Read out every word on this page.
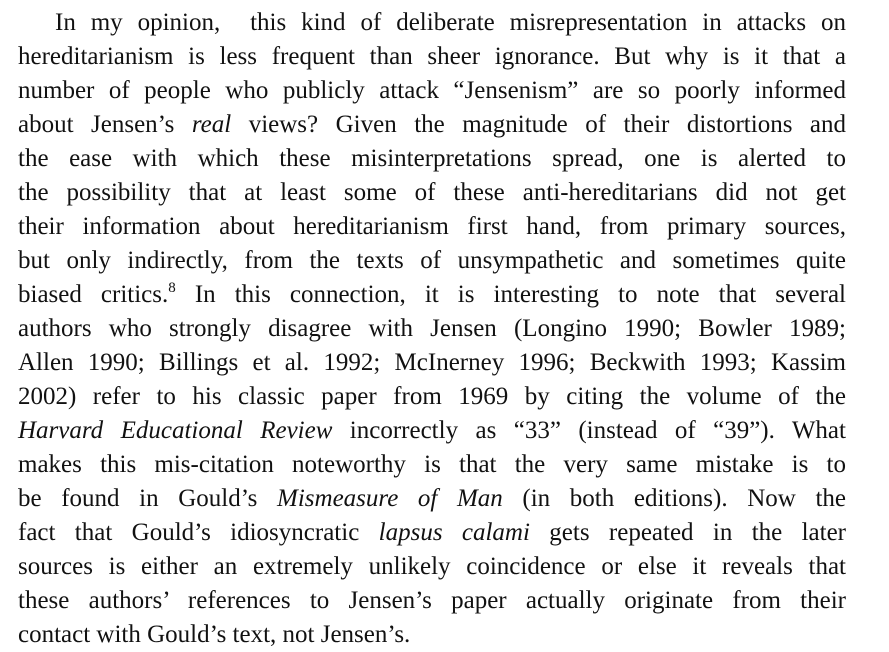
In my opinion,  this kind of deliberate misrepresentation in attacks on
hereditarianism is less frequent than sheer ignorance. But why is it that a
number of people who publicly attack “Jensenism” are so poorly informed
about Jensen’s real views? Given the magnitude of their distortions and
the ease with which these misinterpretations spread, one is alerted to
the possibility that at least some of these anti-hereditarians did not get
their information about hereditarianism first hand, from primary sources,
but only indirectly, from the texts of unsympathetic and sometimes quite
biased critics.$^8$ In this connection, it is interesting to note that several
authors who strongly disagree with Jensen (Longino 1990; Bowler 1989;
Allen 1990; Billings et al. 1992; McInerney 1996; Beckwith 1993; Kassim
2002) refer to his classic paper from 1969 by citing the volume of the
Harvard Educational Review incorrectly as “33” (instead of “39”). What
makes this mis-citation noteworthy is that the very same mistake is to
be found in Gould’s Mismeasure of Man (in both editions). Now the
fact that Gould’s idiosyncratic lapsus calami gets repeated in the later
sources is either an extremely unlikely coincidence or else it reveals that
these authors’ references to Jensen’s paper actually originate from their
contact with Gould’s text, not Jensen’s.
